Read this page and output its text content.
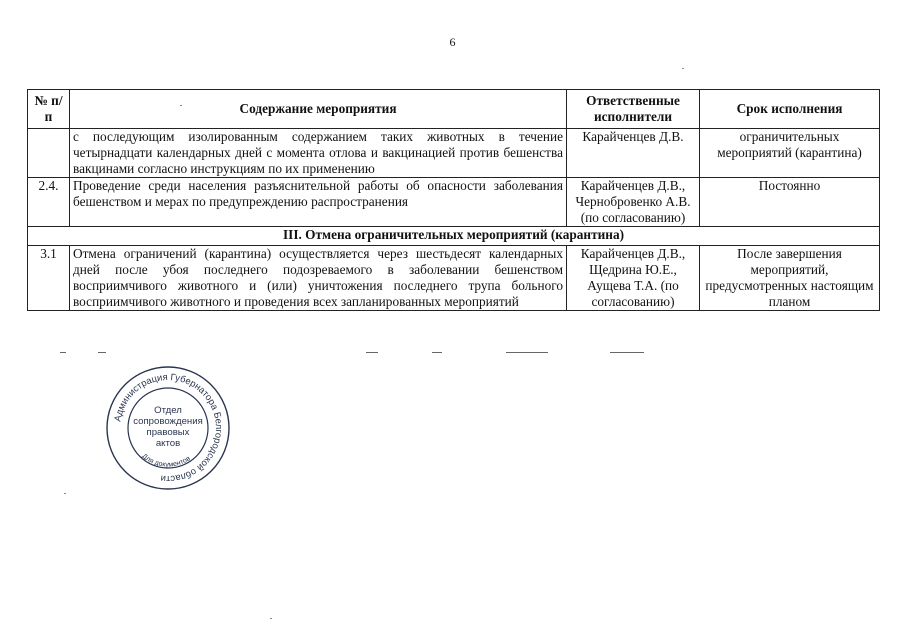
6
№ п/п	Содержание мероприятия	Ответственные исполнители	Срок исполнения
	с последующим изолированным содержанием таких животных в течение четырнадцати календарных дней с момента отлова и вакцинацией против бешенства вакцинами согласно инструкциям по их применению	Карайченцев Д.В.	ограничительных мероприятий (карантина)
2.4.	Проведение среди населения разъяснительной работы об опасности заболевания бешенством и мерах по предупреждению распространения	Карайченцев Д.В., Чернобровенко А.В. (по согласованию)	Постоянно
III. Отмена ограничительных мероприятий (карантина)			
3.1	Отмена ограничений (карантина) осуществляется через шестьдесят календарных дней после убоя последнего подозреваемого в заболевании бешенством восприимчивого животного и (или) уничтожения последнего трупа больного восприимчивого животного и проведения всех запланированных мероприятий	Карайченцев Д.В., Щедрина Ю.Е., Аущева Т.А. (по согласованию)	После завершения мероприятий, предусмотренных настоящим планом
Администрация Губернатора Белгородской области
Отдел
сопровождения
правовых
актов
Для документов
